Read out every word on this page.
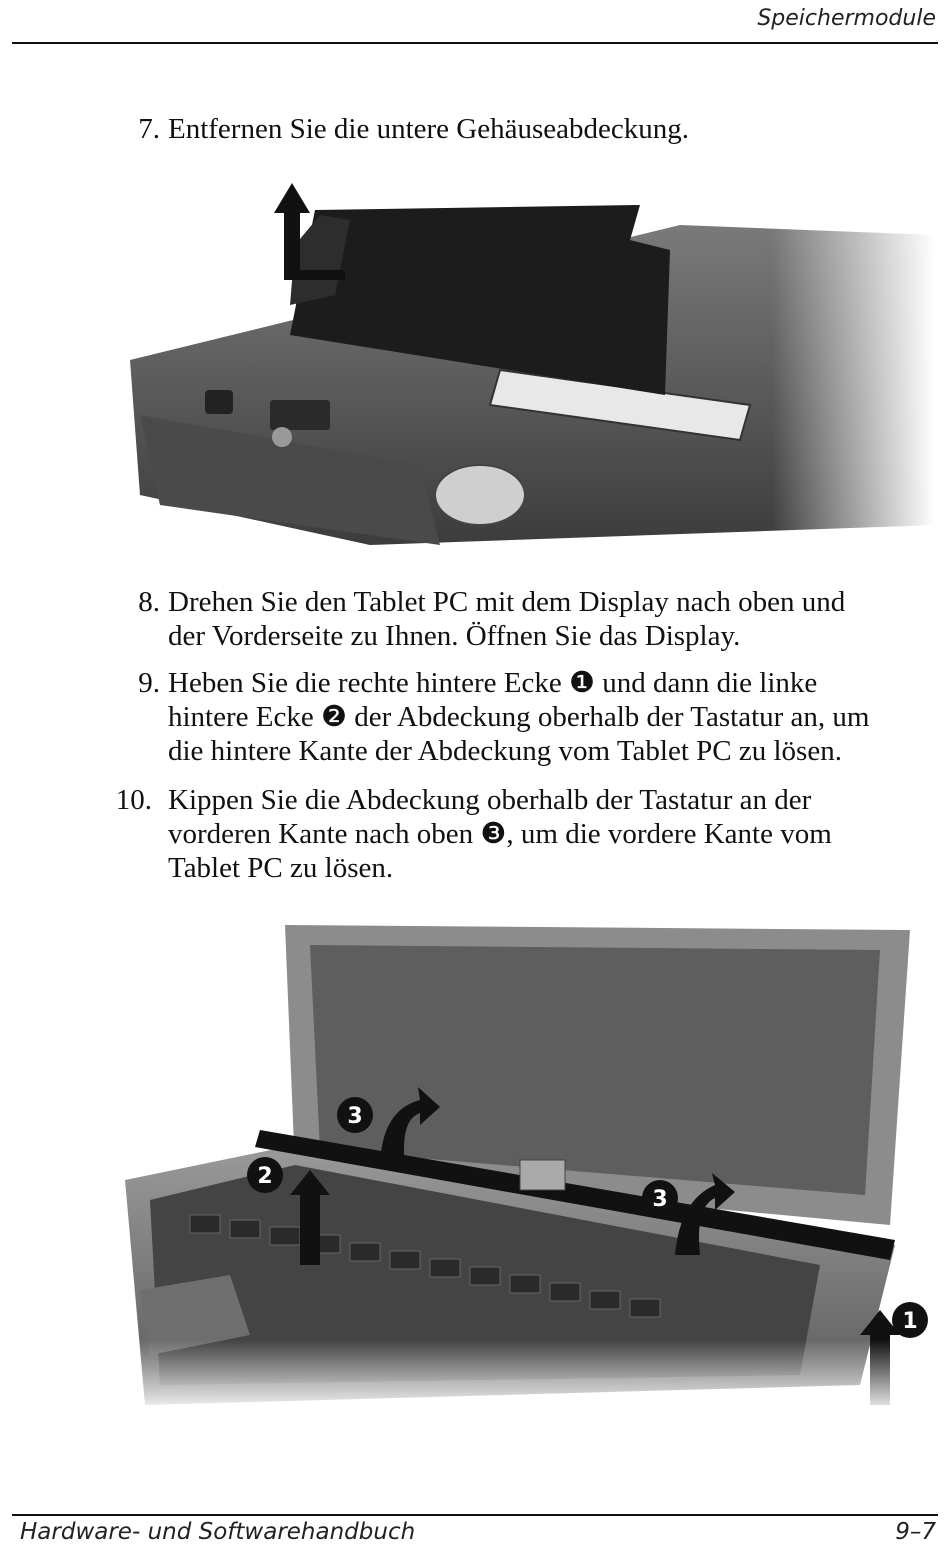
Speichermodule
7. Entfernen Sie die untere Gehäuseabdeckung.
8. Drehen Sie den Tablet PC mit dem Display nach oben und
der Vorderseite zu Ihnen. Öffnen Sie das Display.
9. Heben Sie die rechte hintere Ecke ❶ und dann die linke
hintere Ecke ❷ der Abdeckung oberhalb der Tastatur an, um
die hintere Kante der Abdeckung vom Tablet PC zu lösen.
10. Kippen Sie die Abdeckung oberhalb der Tastatur an der
vorderen Kante nach oben ❸, um die vordere Kante vom
Tablet PC zu lösen.
Hardware- und Softwarehandbuch	9–7
